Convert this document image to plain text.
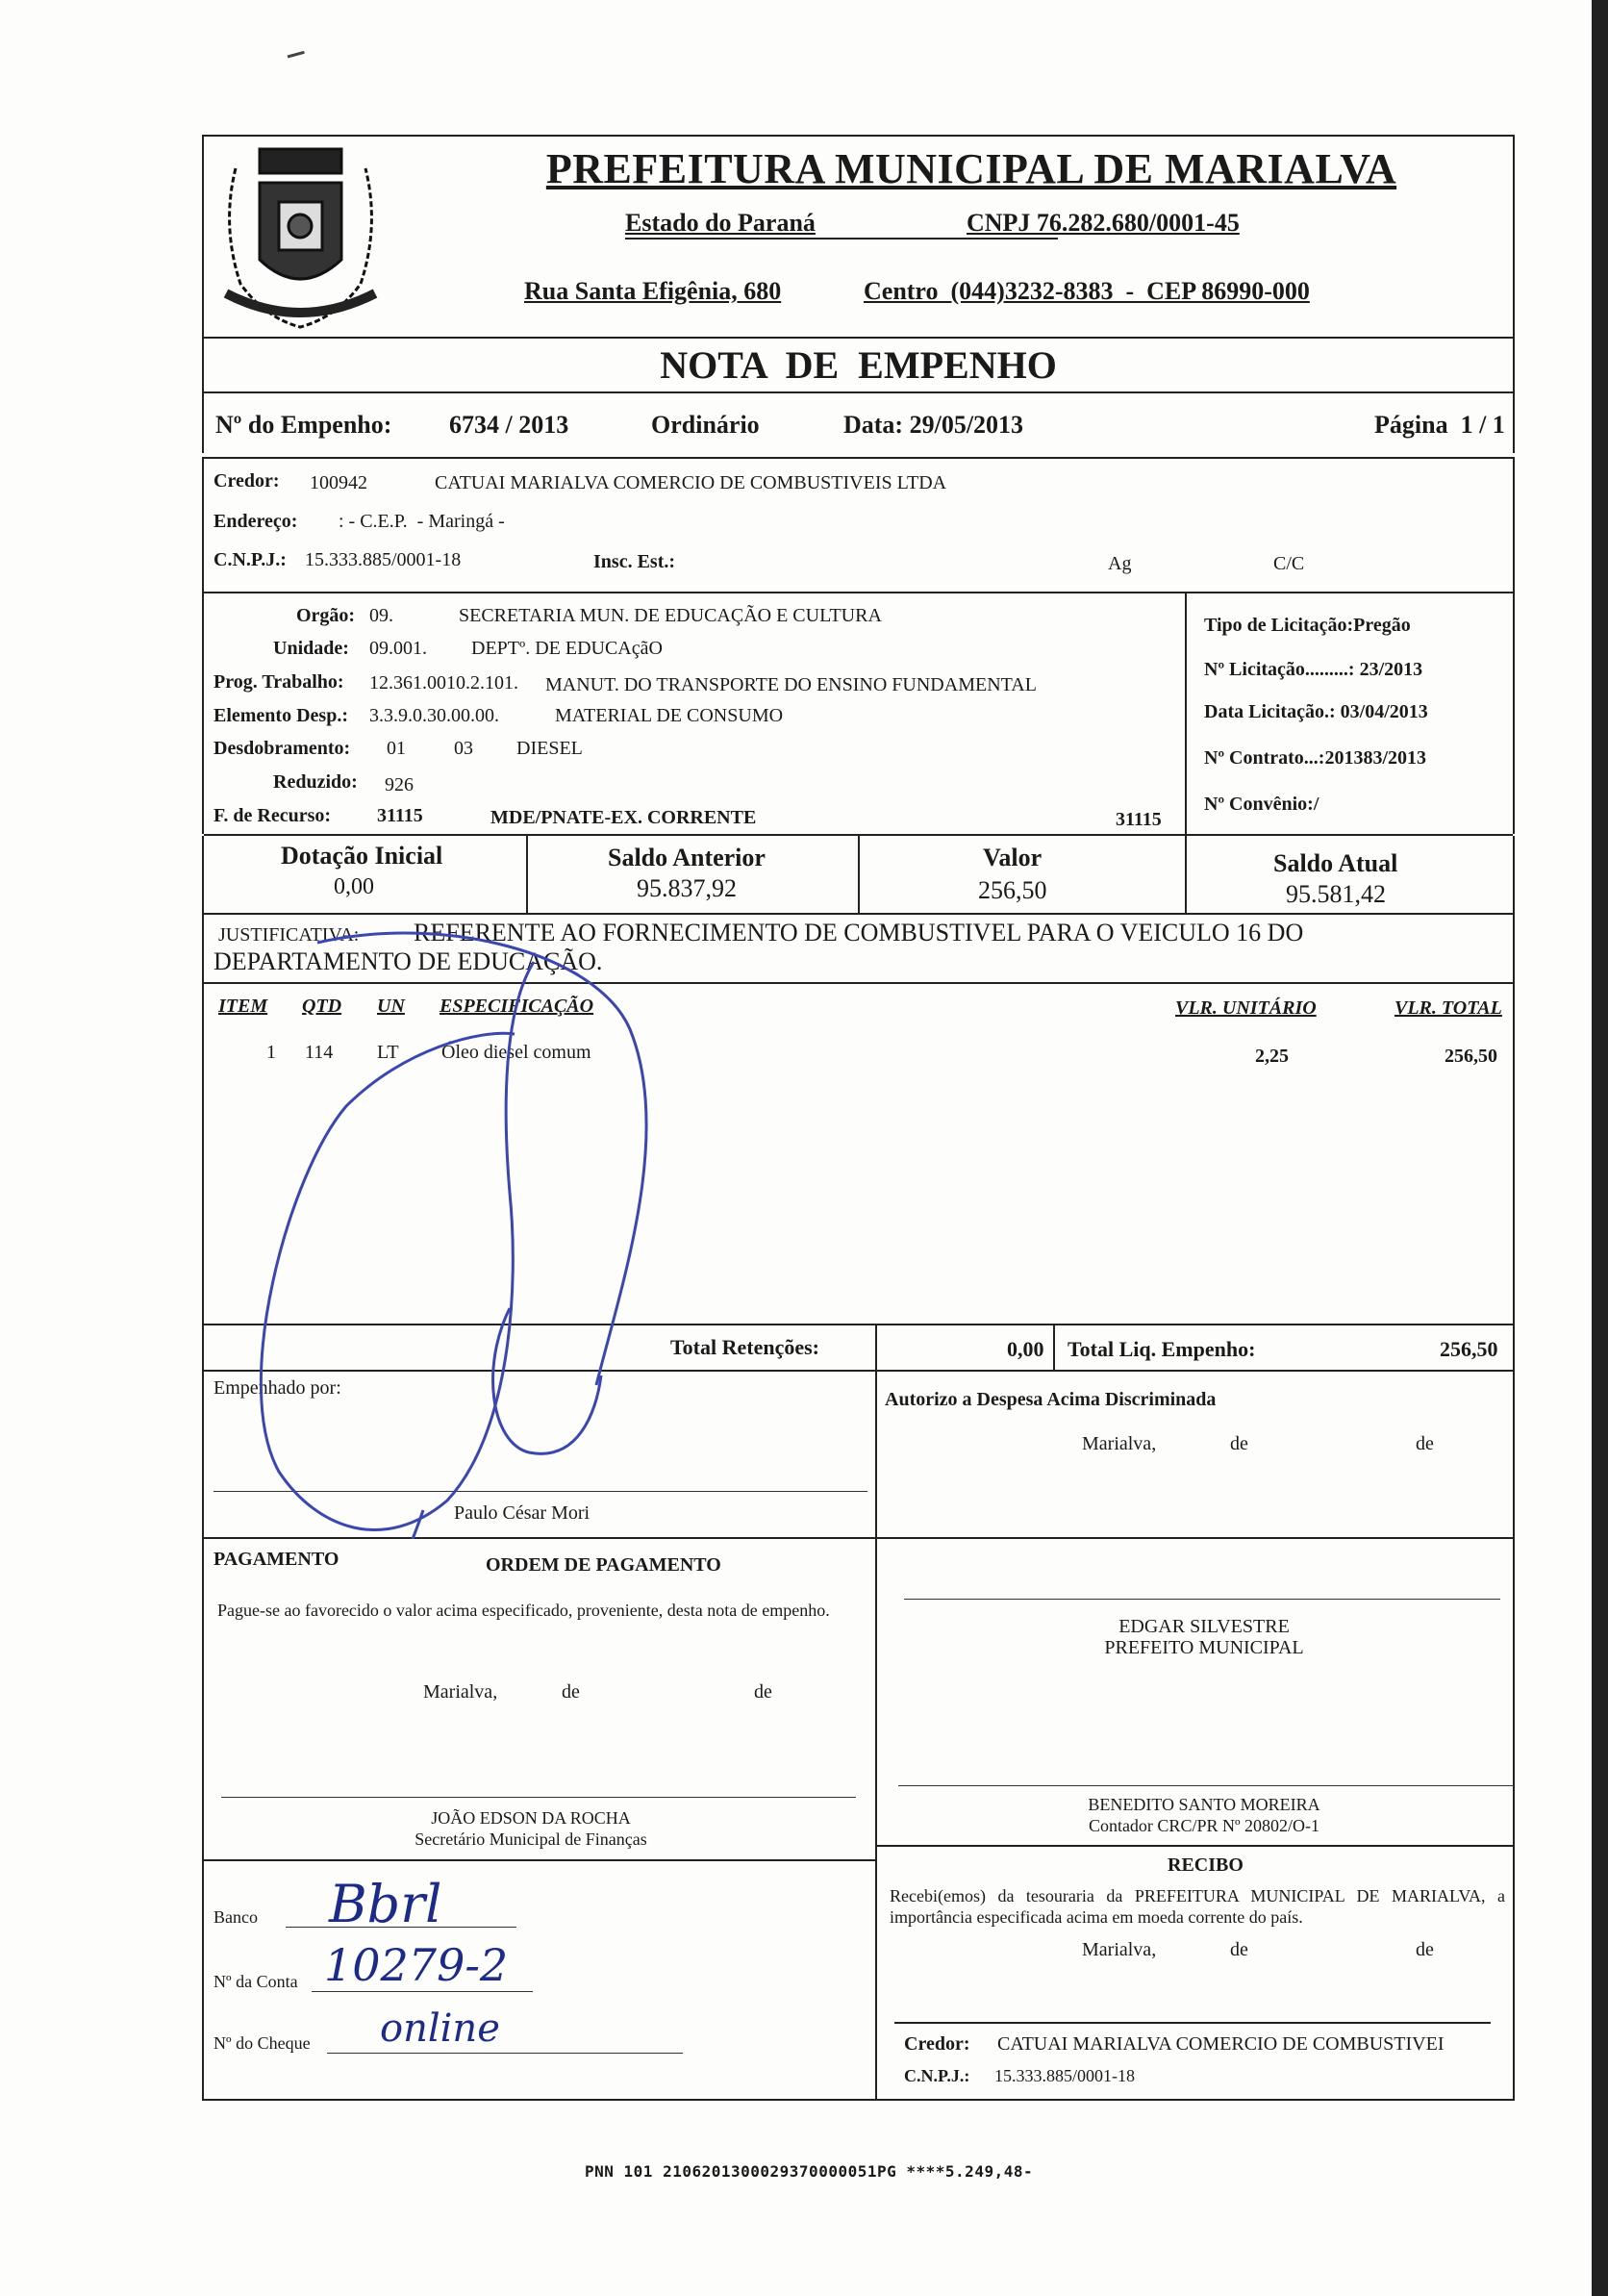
PREFEITURA MUNICIPAL DE MARIALVA
Estado do Paraná	CNPJ 76.282.680/0001-45
Rua Santa Efigênia, 680	Centro  (044)3232-8383  -  CEP 86990-000
NOTA  DE  EMPENHO
Nº do Empenho: 6734 / 2013	Ordinário	Data: 29/05/2013	Página  1 / 1
Credor: 100942	CATUAI MARIALVA COMERCIO DE COMBUSTIVEIS LTDA
Endereço: : - C.E.P.  - Maringá -
C.N.P.J.: 15.333.885/0001-18	Insc. Est.:	Ag	C/C
Orgão: 09.	SECRETARIA MUN. DE EDUCAÇÃO E CULTURA
Unidade: 09.001. DEPTº. DE EDUCAçãO
Prog. Trabalho: 12.361.0010.2.101. MANUT. DO TRANSPORTE DO ENSINO FUNDAMENTAL
Elemento Desp.: 3.3.9.0.30.00.00.	MATERIAL DE CONSUMO
Desdobramento: 01	03 DIESEL
Reduzido: 926
F. de Recurso: 31115	MDE/PNATE-EX. CORRENTE	31115
Tipo de Licitação:Pregão
Nº Licitação.........: 23/2013
Data Licitação.: 03/04/2013
Nº Contrato...:201383/2013
Nº Convênio:/
Dotação Inicial
0,00
Saldo Anterior
95.837,92
Valor
256,50
Saldo Atual
95.581,42
JUSTIFICATIVA: REFERENTE AO FORNECIMENTO DE COMBUSTIVEL PARA O VEICULO 16 DO
DEPARTAMENTO DE EDUCAÇÃO.
ITEM QTD UN ESPECIFICAÇÃO	VLR. UNITÁRIO	VLR. TOTAL
1 114 LT Óleo diesel comum	2,25	256,50
Total Retenções:	0,00 Total Liq. Empenho:	256,50
Empenhado por:
Paulo César Mori
Autorizo a Despesa Acima Discriminada
Marialva,	de	de
PAGAMENTO	ORDEM DE PAGAMENTO
Pague-se ao favorecido o valor acima especificado, proveniente, desta nota de empenho.
Marialva,	de	de
JOÃO EDSON DA ROCHA
Secretário Municipal de Finanças
EDGAR SILVESTRE
PREFEITO MUNICIPAL
BENEDITO SANTO MOREIRA
Contador CRC/PR Nº 20802/O-1
RECIBO
Recebi(emos) da tesouraria da PREFEITURA MUNICIPAL DE MARIALVA, a importância especificada acima em moeda corrente do país.
Marialva,	de	de
Banco Bbrl
Nº da Conta 10279-2
Nº do Cheque online	Credor: CATUAI MARIALVA COMERCIO DE COMBUSTIVEI
C.N.P.J.: 15.333.885/0001-18
PNN 101 2106201300029370000051PG ****5.249,48-
